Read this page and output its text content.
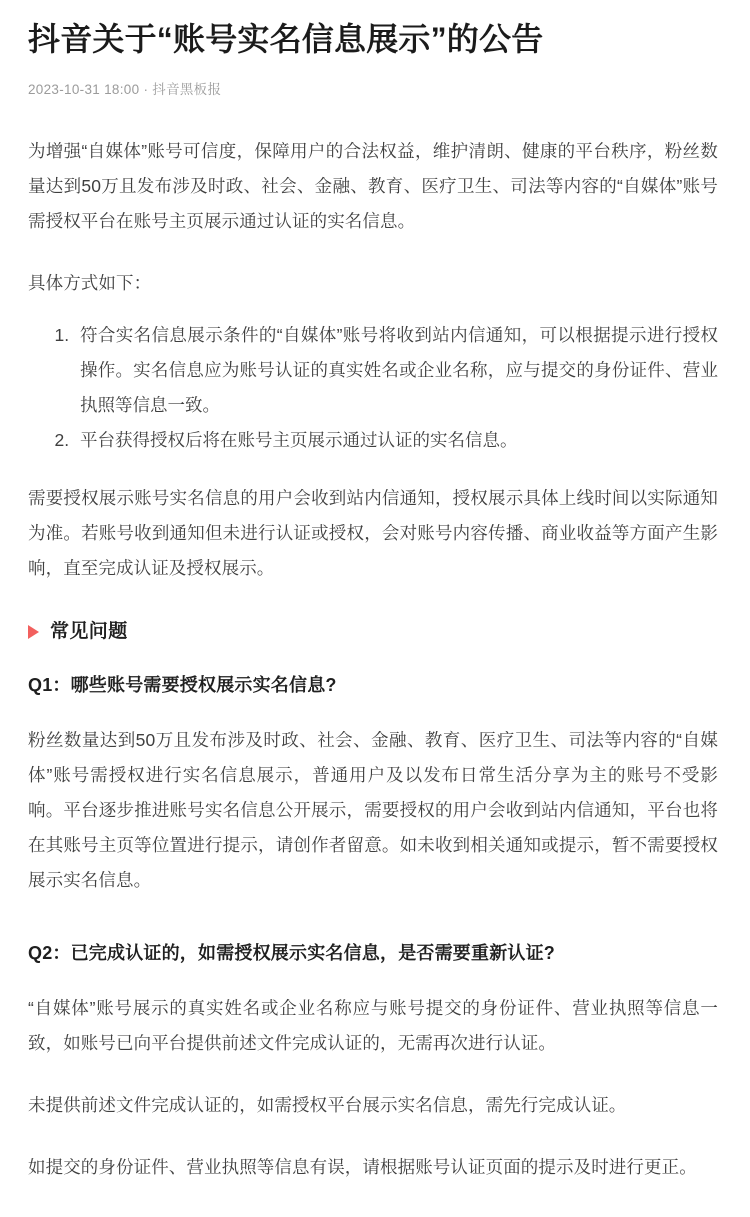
抖音关于“账号实名信息展示”的公告
2023-10-31 18:00 · 抖音黑板报

为增强“自媒体”账号可信度，保障用户的合法权益，维护清朗、健康的平台秩序，粉丝数量达到50万且发布涉及时政、社会、金融、教育、医疗卫生、司法等内容的“自媒体”账号需授权平台在账号主页展示通过认证的实名信息。

具体方式如下：

1. 符合实名信息展示条件的“自媒体”账号将收到站内信通知，可以根据提示进行授权操作。实名信息应为账号认证的真实姓名或企业名称，应与提交的身份证件、营业执照等信息一致。
2. 平台获得授权后将在账号主页展示通过认证的实名信息。

需要授权展示账号实名信息的用户会收到站内信通知，授权展示具体上线时间以实际通知为准。若账号收到通知但未进行认证或授权，会对账号内容传播、商业收益等方面产生影响，直至完成认证及授权展示。

常见问题

Q1：哪些账号需要授权展示实名信息?

粉丝数量达到50万且发布涉及时政、社会、金融、教育、医疗卫生、司法等内容的“自媒体”账号需授权进行实名信息展示，普通用户及以发布日常生活分享为主的账号不受影响。平台逐步推进账号实名信息公开展示，需要授权的用户会收到站内信通知，平台也将在其账号主页等位置进行提示，请创作者留意。如未收到相关通知或提示，暂不需要授权展示实名信息。

Q2：已完成认证的，如需授权展示实名信息，是否需要重新认证?

“自媒体”账号展示的真实姓名或企业名称应与账号提交的身份证件、营业执照等信息一致，如账号已向平台提供前述文件完成认证的，无需再次进行认证。

未提供前述文件完成认证的，如需授权平台展示实名信息，需先行完成认证。

如提交的身份证件、营业执照等信息有误，请根据账号认证页面的提示及时进行更正。
